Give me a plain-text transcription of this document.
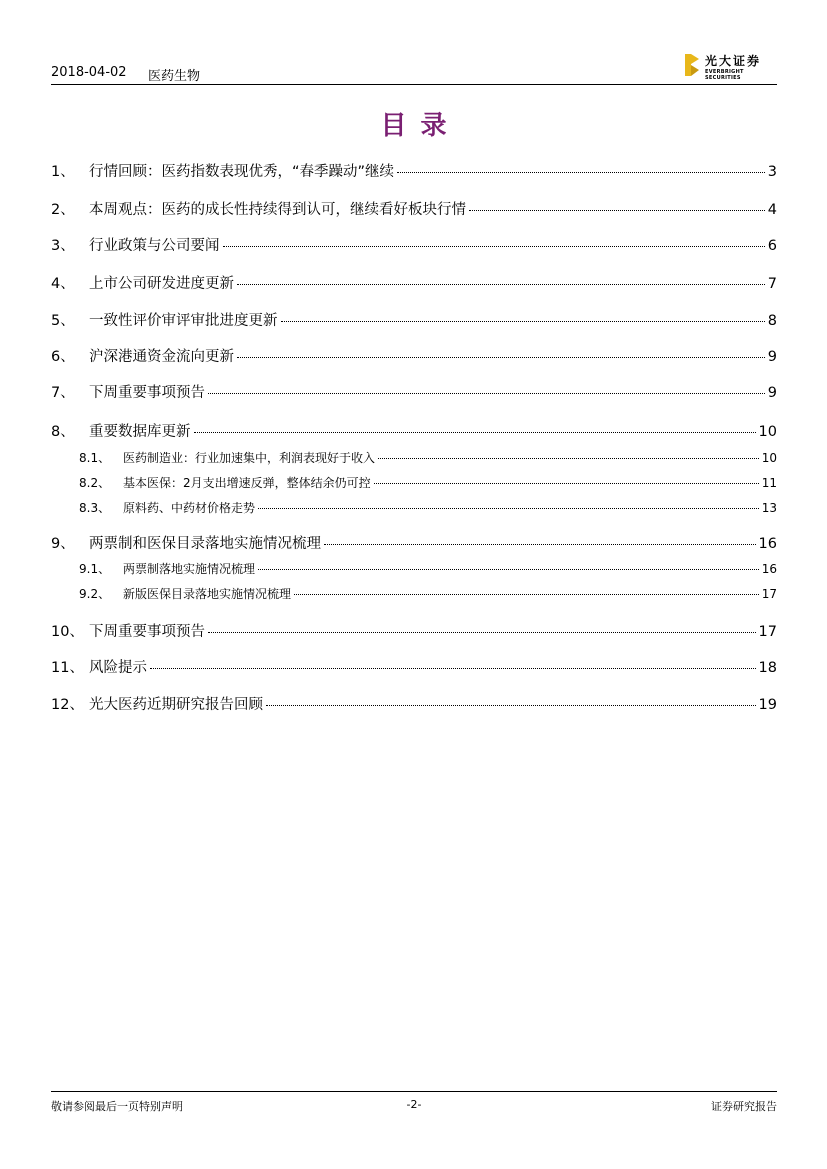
2018-04-02 医药生物
光大证券
EVERBRIGHT SECURITIES
目录
1、 行情回顾：医药指数表现优秀，“春季躁动”继续	3
2、 本周观点：医药的成长性持续得到认可，继续看好板块行情	4
3、 行业政策与公司要闻	6
4、 上市公司研发进度更新	7
5、 一致性评价审评审批进度更新	8
6、 沪深港通资金流向更新	9
7、 下周重要事项预告	9
8、 重要数据库更新	10
8.1、	医药制造业：行业加速集中，利润表现好于收入	10
8.2、	基本医保：2月支出增速反弹，整体结余仍可控	11
8.3、	原料药、中药材价格走势	13
9、 两票制和医保目录落地实施情况梳理	16
9.1、	两票制落地实施情况梳理	16
9.2、	新版医保目录落地实施情况梳理	17
10、 下周重要事项预告	17
11、 风险提示	18
12、 光大医药近期研究报告回顾	19
敬请参阅最后一页特别声明	-2-	证券研究报告
